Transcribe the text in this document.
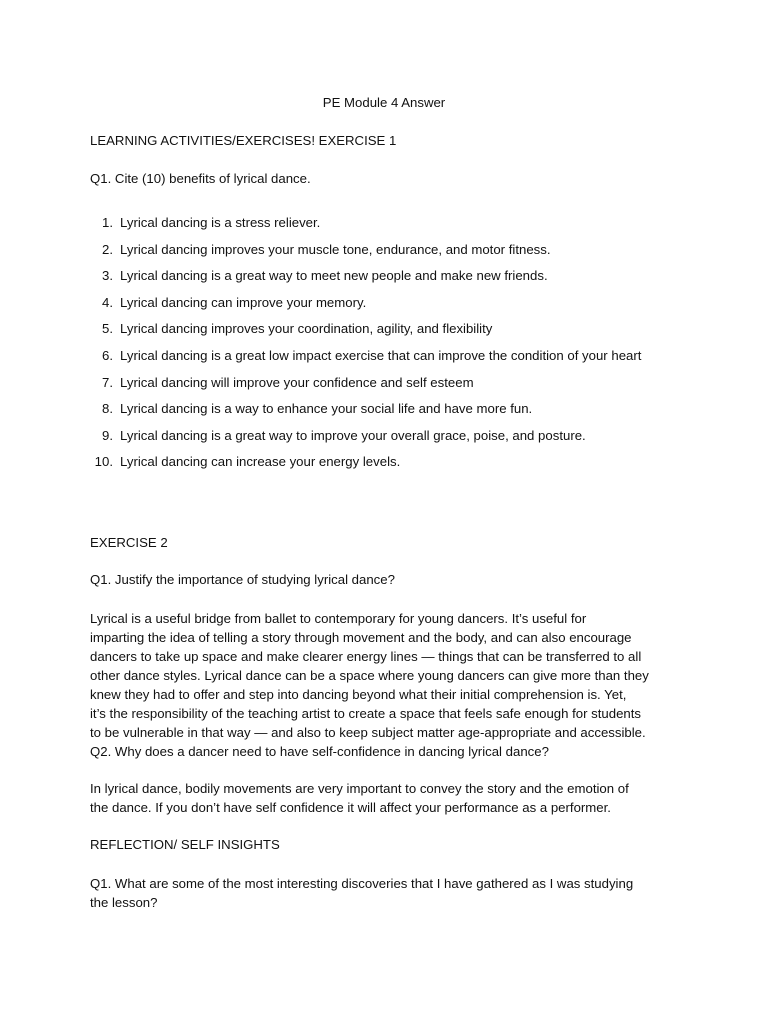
PE Module 4 Answer
LEARNING ACTIVITIES/EXERCISES! EXERCISE 1
Q1. Cite (10) benefits of lyrical dance.
1. Lyrical dancing is a stress reliever.
2. Lyrical dancing improves your muscle tone, endurance, and motor fitness.
3. Lyrical dancing is a great way to meet new people and make new friends.
4. Lyrical dancing can improve your memory.
5. Lyrical dancing improves your coordination, agility, and flexibility
6. Lyrical dancing is a great low impact exercise that can improve the condition of your heart
7. Lyrical dancing will improve your confidence and self esteem
8. Lyrical dancing is a way to enhance your social life and have more fun.
9. Lyrical dancing is a great way to improve your overall grace, poise, and posture.
10. Lyrical dancing can increase your energy levels.
EXERCISE 2
Q1. Justify the importance of studying lyrical dance?
Lyrical is a useful bridge from ballet to contemporary for young dancers. It’s useful for
imparting the idea of telling a story through movement and the body, and can also encourage
dancers to take up space and make clearer energy lines — things that can be transferred to all
other dance styles. Lyrical dance can be a space where young dancers can give more than they
knew they had to offer and step into dancing beyond what their initial comprehension is. Yet,
it’s the responsibility of the teaching artist to create a space that feels safe enough for students
to be vulnerable in that way — and also to keep subject matter age-appropriate and accessible.
Q2. Why does a dancer need to have self-confidence in dancing lyrical dance?
In lyrical dance, bodily movements are very important to convey the story and the emotion of
the dance. If you don’t have self confidence it will affect your performance as a performer.
REFLECTION/ SELF INSIGHTS
Q1. What are some of the most interesting discoveries that I have gathered as I was studying
the lesson?
